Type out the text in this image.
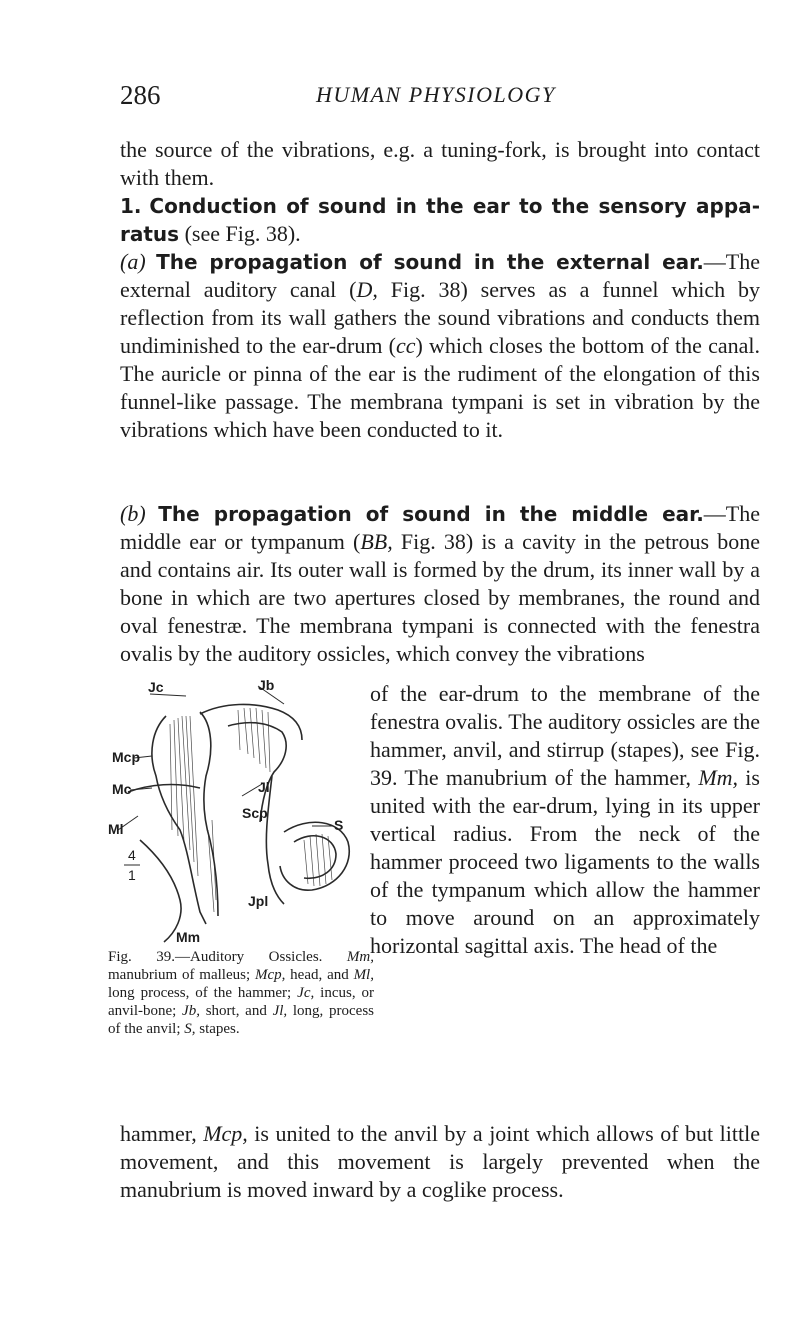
286	HUMAN PHYSIOLOGY
the source of the vibrations, e.g. a tuning-fork, is brought into contact with them.
1. Conduction of sound in the ear to the sensory apparatus (see Fig. 38).
(a) The propagation of sound in the external ear.—The external auditory canal (D, Fig. 38) serves as a funnel which by reflection from its wall gathers the sound vibrations and conducts them undiminished to the ear-drum (cc) which closes the bottom of the canal. The auricle or pinna of the ear is the rudiment of the elongation of this funnel-like passage. The membrana tympani is set in vibration by the vibrations which have been conducted to it.
(b) The propagation of sound in the middle ear.—The middle ear or tympanum (BB, Fig. 38) is a cavity in the petrous bone and contains air. Its outer wall is formed by the drum, its inner wall by a bone in which are two apertures closed by membranes, the round and oval fenestræ. The membrana tympani is connected with the fenestra ovalis by the auditory ossicles, which convey the vibrations
Jc	Jb
Mcp
Mc	Jl
Scp
Ml	S
4
1
Jpl
Mm
Fig. 39.—Auditory Ossicles. Mm, manubrium of malleus; Mcp, head, and Ml, long process, of the hammer; Jc, incus, or anvil-bone; Jb, short, and Jl, long, process of the anvil; S, stapes.
of the ear-drum to the membrane of the fenestra ovalis. The auditory ossicles are the hammer, anvil, and stirrup (stapes), see Fig. 39. The manubrium of the hammer, Mm, is united with the ear-drum, lying in its upper vertical radius. From the neck of the hammer proceed two ligaments to the walls of the tympanum which allow the hammer to move around on an approximately horizontal sagittal axis. The head of the
hammer, Mcp, is united to the anvil by a joint which allows of but little movement, and this movement is largely prevented when the manubrium is moved inward by a coglike process.
